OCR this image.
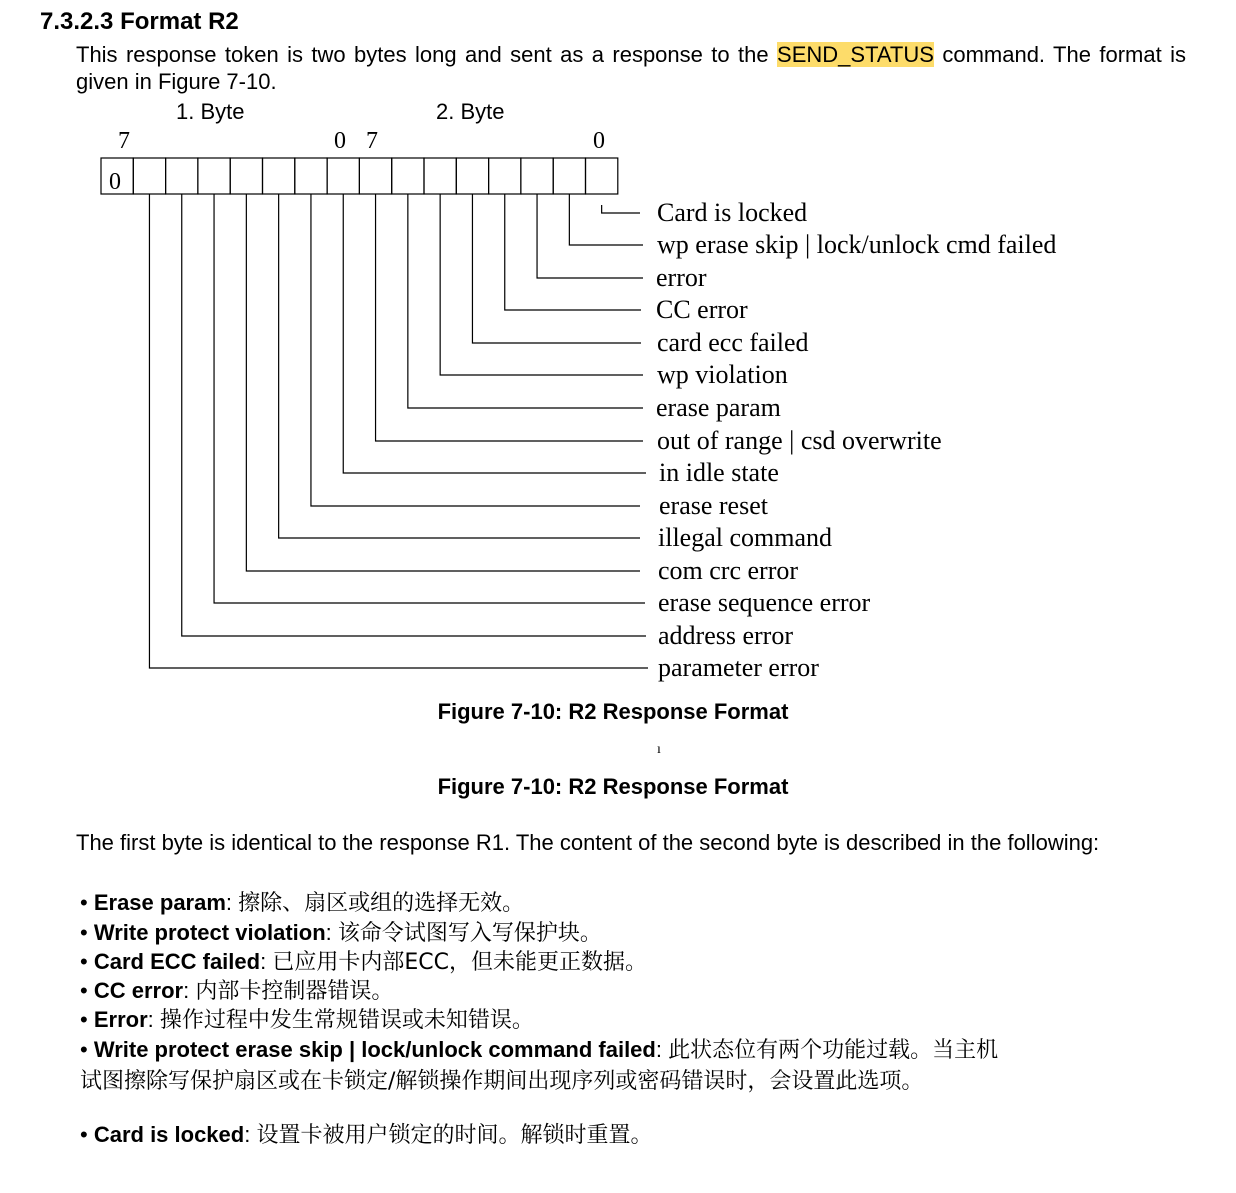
7.3.2.3 Format R2
This response token is two bytes long and sent as a response to the SEND_STATUS command. The format is given in Figure 7-10.
1. Byte	2. Byte
7	0 7	0
0
Card is locked
wp erase skip | lock/unlock cmd failed
error
CC error
card ecc failed
wp violation
erase param
out of range | csd overwrite
in idle state
erase reset
illegal command
com crc error
erase sequence error
address error
parameter error
Figure 7-10: R2 Response Format
ı
Figure 7-10: R2 Response Format
The first byte is identical to the response R1. The content of the second byte is described in the following:
• Erase param: 擦除、扇区或组的选择无效。
• Write protect violation: 该命令试图写入写保护块。
• Card ECC failed: 已应用卡内部ECC，但未能更正数据。
• CC error: 内部卡控制器错误。
• Error: 操作过程中发生常规错误或未知错误。
• Write protect erase skip | lock/unlock command failed: 此状态位有两个功能过载。当主机
• Card is locked: 设置卡被用户锁定的时间。解锁时重置。
试图擦除写保护扇区或在卡锁定/解锁操作期间出现序列或密码错误时，会设置此选项。
